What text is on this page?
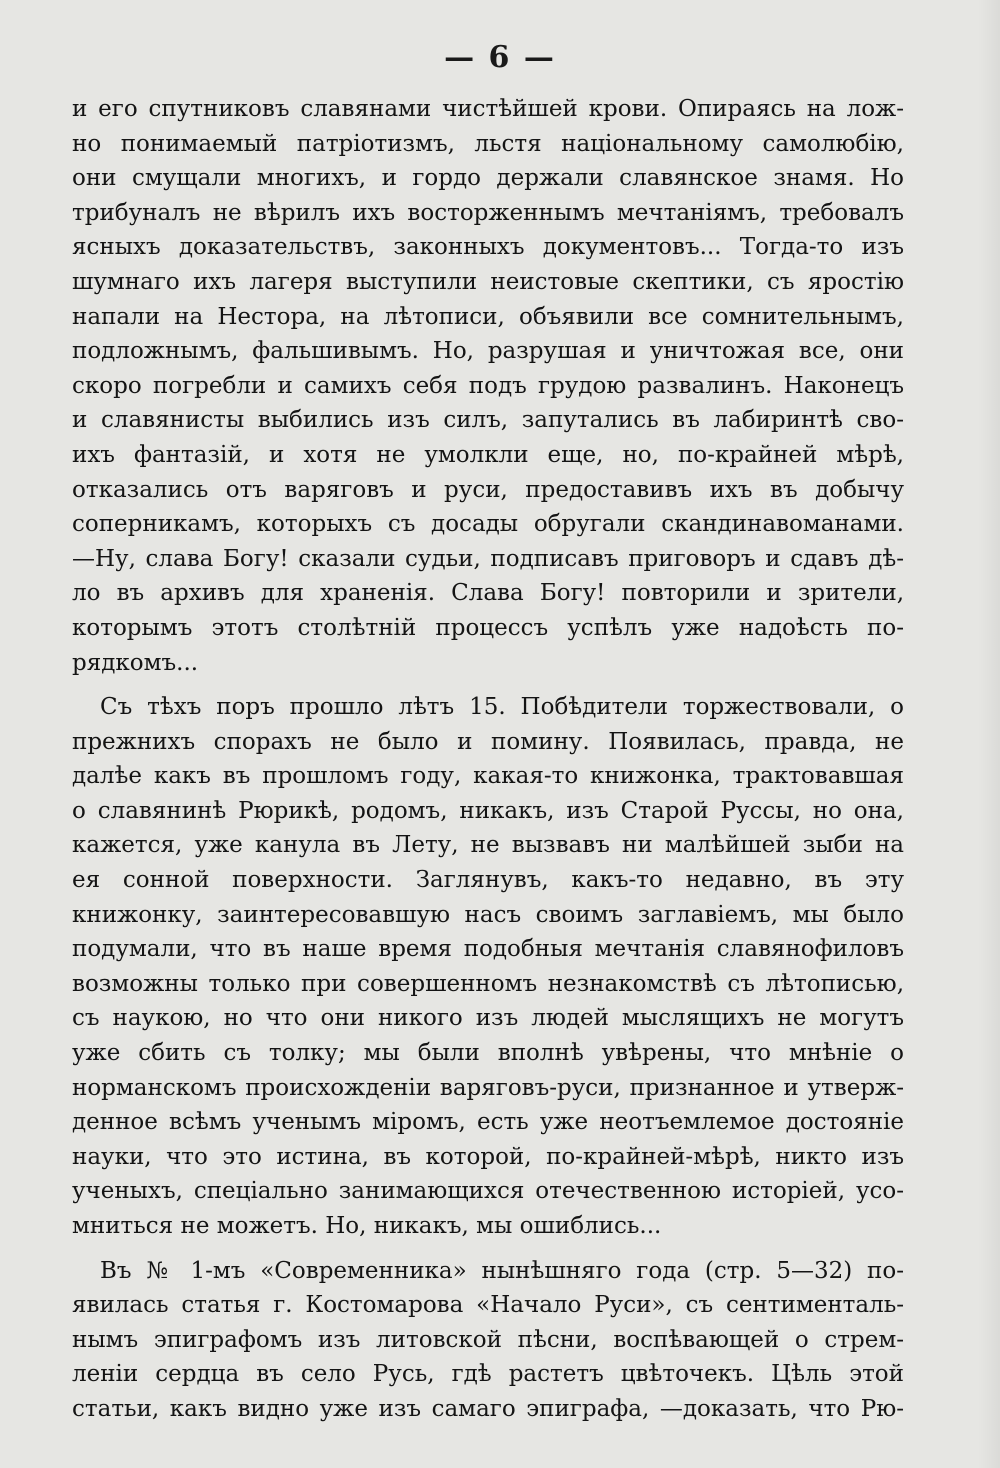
— 6 —
и его спутниковъ славянами чистѣйшей крови. Опираясь на лож-
но понимаемый патріотизмъ, льстя національному самолюбію,
они смущали многихъ, и гордо держали славянское знамя. Но
трибуналъ не вѣрилъ ихъ восторженнымъ мечтаніямъ, требовалъ
ясныхъ доказательствъ, законныхъ документовъ... Тогда-то изъ
шумнаго ихъ лагеря выступили неистовые скептики, съ яростію
напали на Нестора, на лѣтописи, объявили все сомнительнымъ,
подложнымъ, фальшивымъ. Но, разрушая и уничтожая все, они
скоро погребли и самихъ себя подъ грудою развалинъ. Наконецъ
и славянисты выбились изъ силъ, запутались въ лабиринтѣ сво-
ихъ фантазій, и хотя не умолкли еще, но, по-крайней мѣрѣ,
отказались отъ варяговъ и руси, предоставивъ ихъ въ добычу
соперникамъ, которыхъ съ досады обругали скандинавоманами.
—Ну, слава Богу! сказали судьи, подписавъ приговоръ и сдавъ дѣ-
ло въ архивъ для храненія. Слава Богу! повторили и зрители,
которымъ этотъ столѣтній процессъ успѣлъ уже надоѣсть по-
рядкомъ...
Съ тѣхъ поръ прошло лѣтъ 15. Побѣдители торжествовали, о
прежнихъ спорахъ не было и помину. Появилась, правда, не
далѣе какъ въ прошломъ году, какая-то книжонка, трактовавшая
о славянинѣ Рюрикѣ, родомъ, никакъ, изъ Старой Руссы, но она,
кажется, уже канула въ Лету, не вызвавъ ни малѣйшей зыби на
ея сонной поверхности. Заглянувъ, какъ-то недавно, въ эту
книжонку, заинтересовавшую насъ своимъ заглавіемъ, мы было
подумали, что въ наше время подобныя мечтанія славянофиловъ
возможны только при совершенномъ незнакомствѣ съ лѣтописью,
съ наукою, но что они никого изъ людей мыслящихъ не могутъ
уже сбить съ толку; мы были вполнѣ увѣрены, что мнѣніе о
норманскомъ происхожденіи варяговъ-руси, признанное и утверж-
денное всѣмъ ученымъ міромъ, есть уже неотъемлемое достояніе
науки, что это истина, въ которой, по-крайней-мѣрѣ, никто изъ
ученыхъ, спеціально занимающихся отечественною исторіей, усо-
мниться не можетъ. Но, никакъ, мы ошиблись...
Въ № 1-мъ «Современника» нынѣшняго года (стр. 5—32) по-
явилась статья г. Костомарова «Начало Руси», съ сентименталь-
нымъ эпиграфомъ изъ литовской пѣсни, воспѣвающей о стрем-
леніи сердца въ село Русь, гдѣ растетъ цвѣточекъ. Цѣль этой
статьи, какъ видно уже изъ самаго эпиграфа, —доказать, что Рю-
